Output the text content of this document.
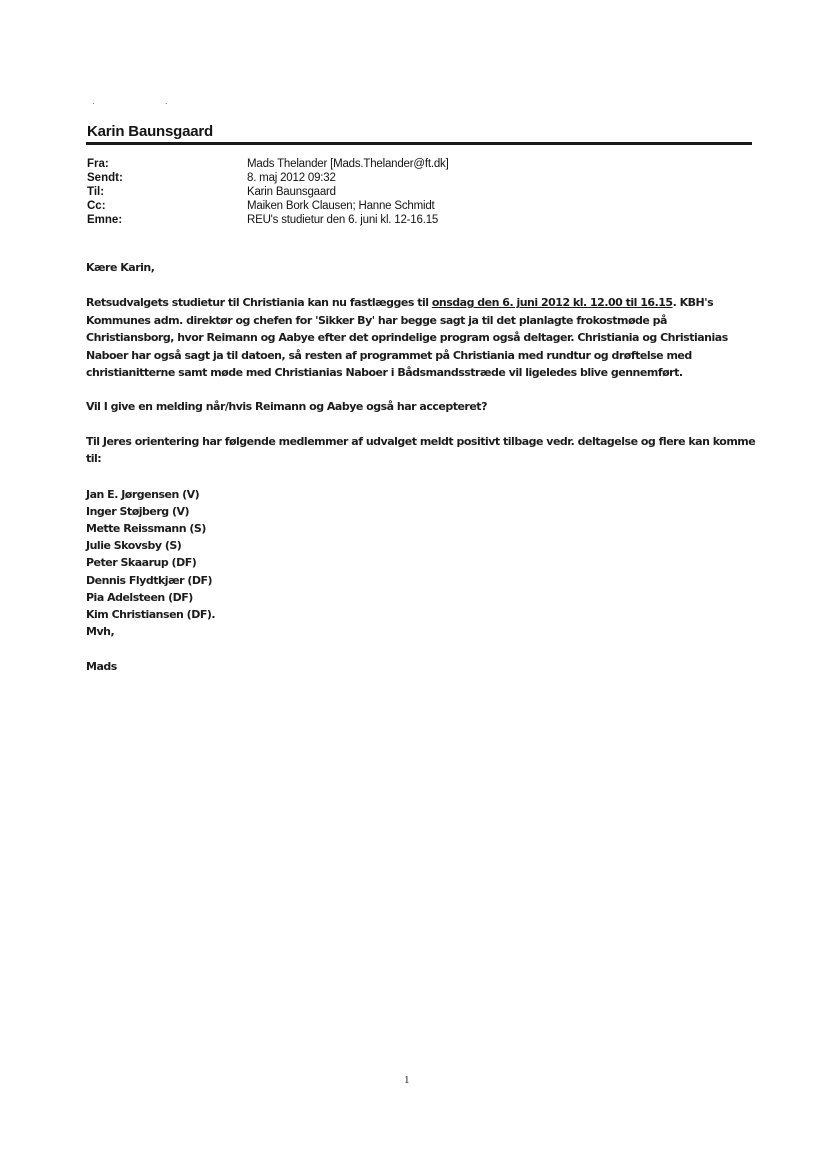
· ·
Karin Baunsgaard
Fra:	Mads Thelander [Mads.Thelander@ft.dk]
Sendt:	8. maj 2012 09:32
Til:	Karin Baunsgaard
Cc:	Maiken Bork Clausen; Hanne Schmidt
Emne:	REU's studietur den 6. juni kl. 12-16.15

Kære Karin,

Retsudvalgets studietur til Christiania kan nu fastlægges til onsdag den 6. juni 2012 kl. 12.00 til 16.15. KBH's Kommunes adm. direktør og chefen for 'Sikker By' har begge sagt ja til det planlagte frokostmøde på Christiansborg, hvor Reimann og Aabye efter det oprindelige program også deltager. Christiania og Christianias Naboer har også sagt ja til datoen, så resten af programmet på Christiania med rundtur og drøftelse med christianitterne samt møde med Christianias Naboer i Bådsmandsstræde vil ligeledes blive gennemført.

Vil I give en melding når/hvis Reimann og Aabye også har accepteret?

Til Jeres orientering har følgende medlemmer af udvalget meldt positivt tilbage vedr. deltagelse og flere kan komme til:

Jan E. Jørgensen (V)
Inger Støjberg (V)
Mette Reissmann (S)
Julie Skovsby (S)
Peter Skaarup (DF)
Dennis Flydtkjær (DF)
Pia Adelsteen (DF)
Kim Christiansen (DF).

Mvh,

Mads

1
